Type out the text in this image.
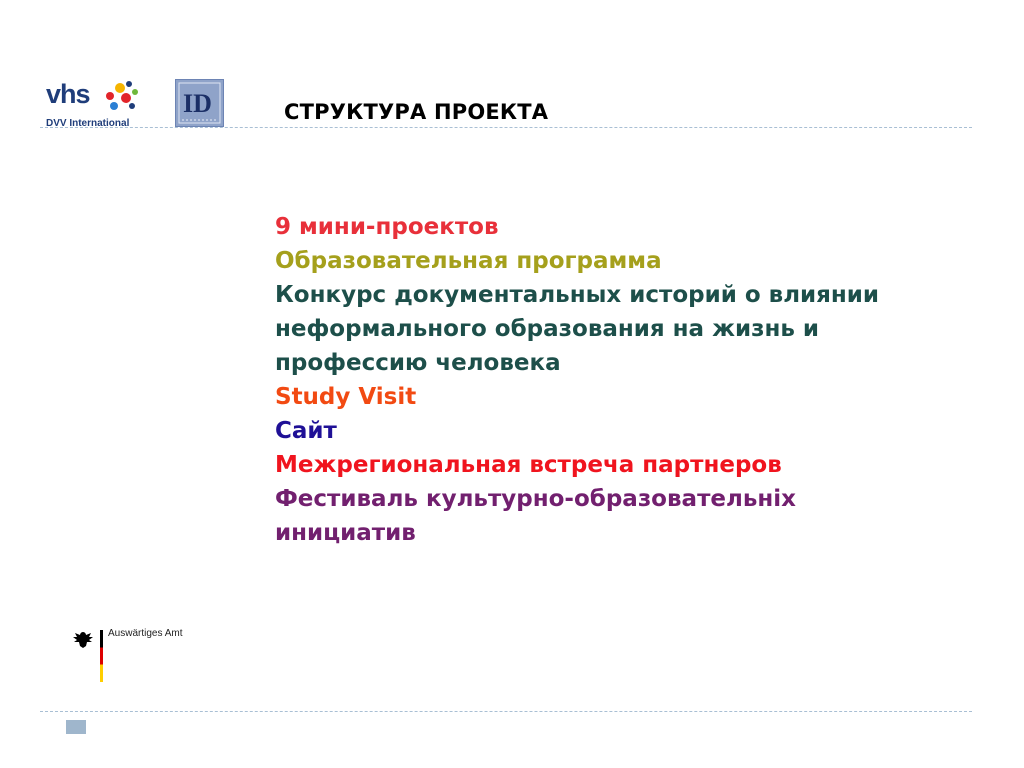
vhs
DVV International
ID	СТРУКТУРА ПРОЕКТА
9 мини-проектов
Образовательная программа
Конкурс документальных историй о влиянии
неформального образования на жизнь и
профессию человека
Study Visit
Сайт
Межрегиональная встреча партнеров
Фестиваль культурно-образовательніх
инициатив
Auswärtiges Amt
